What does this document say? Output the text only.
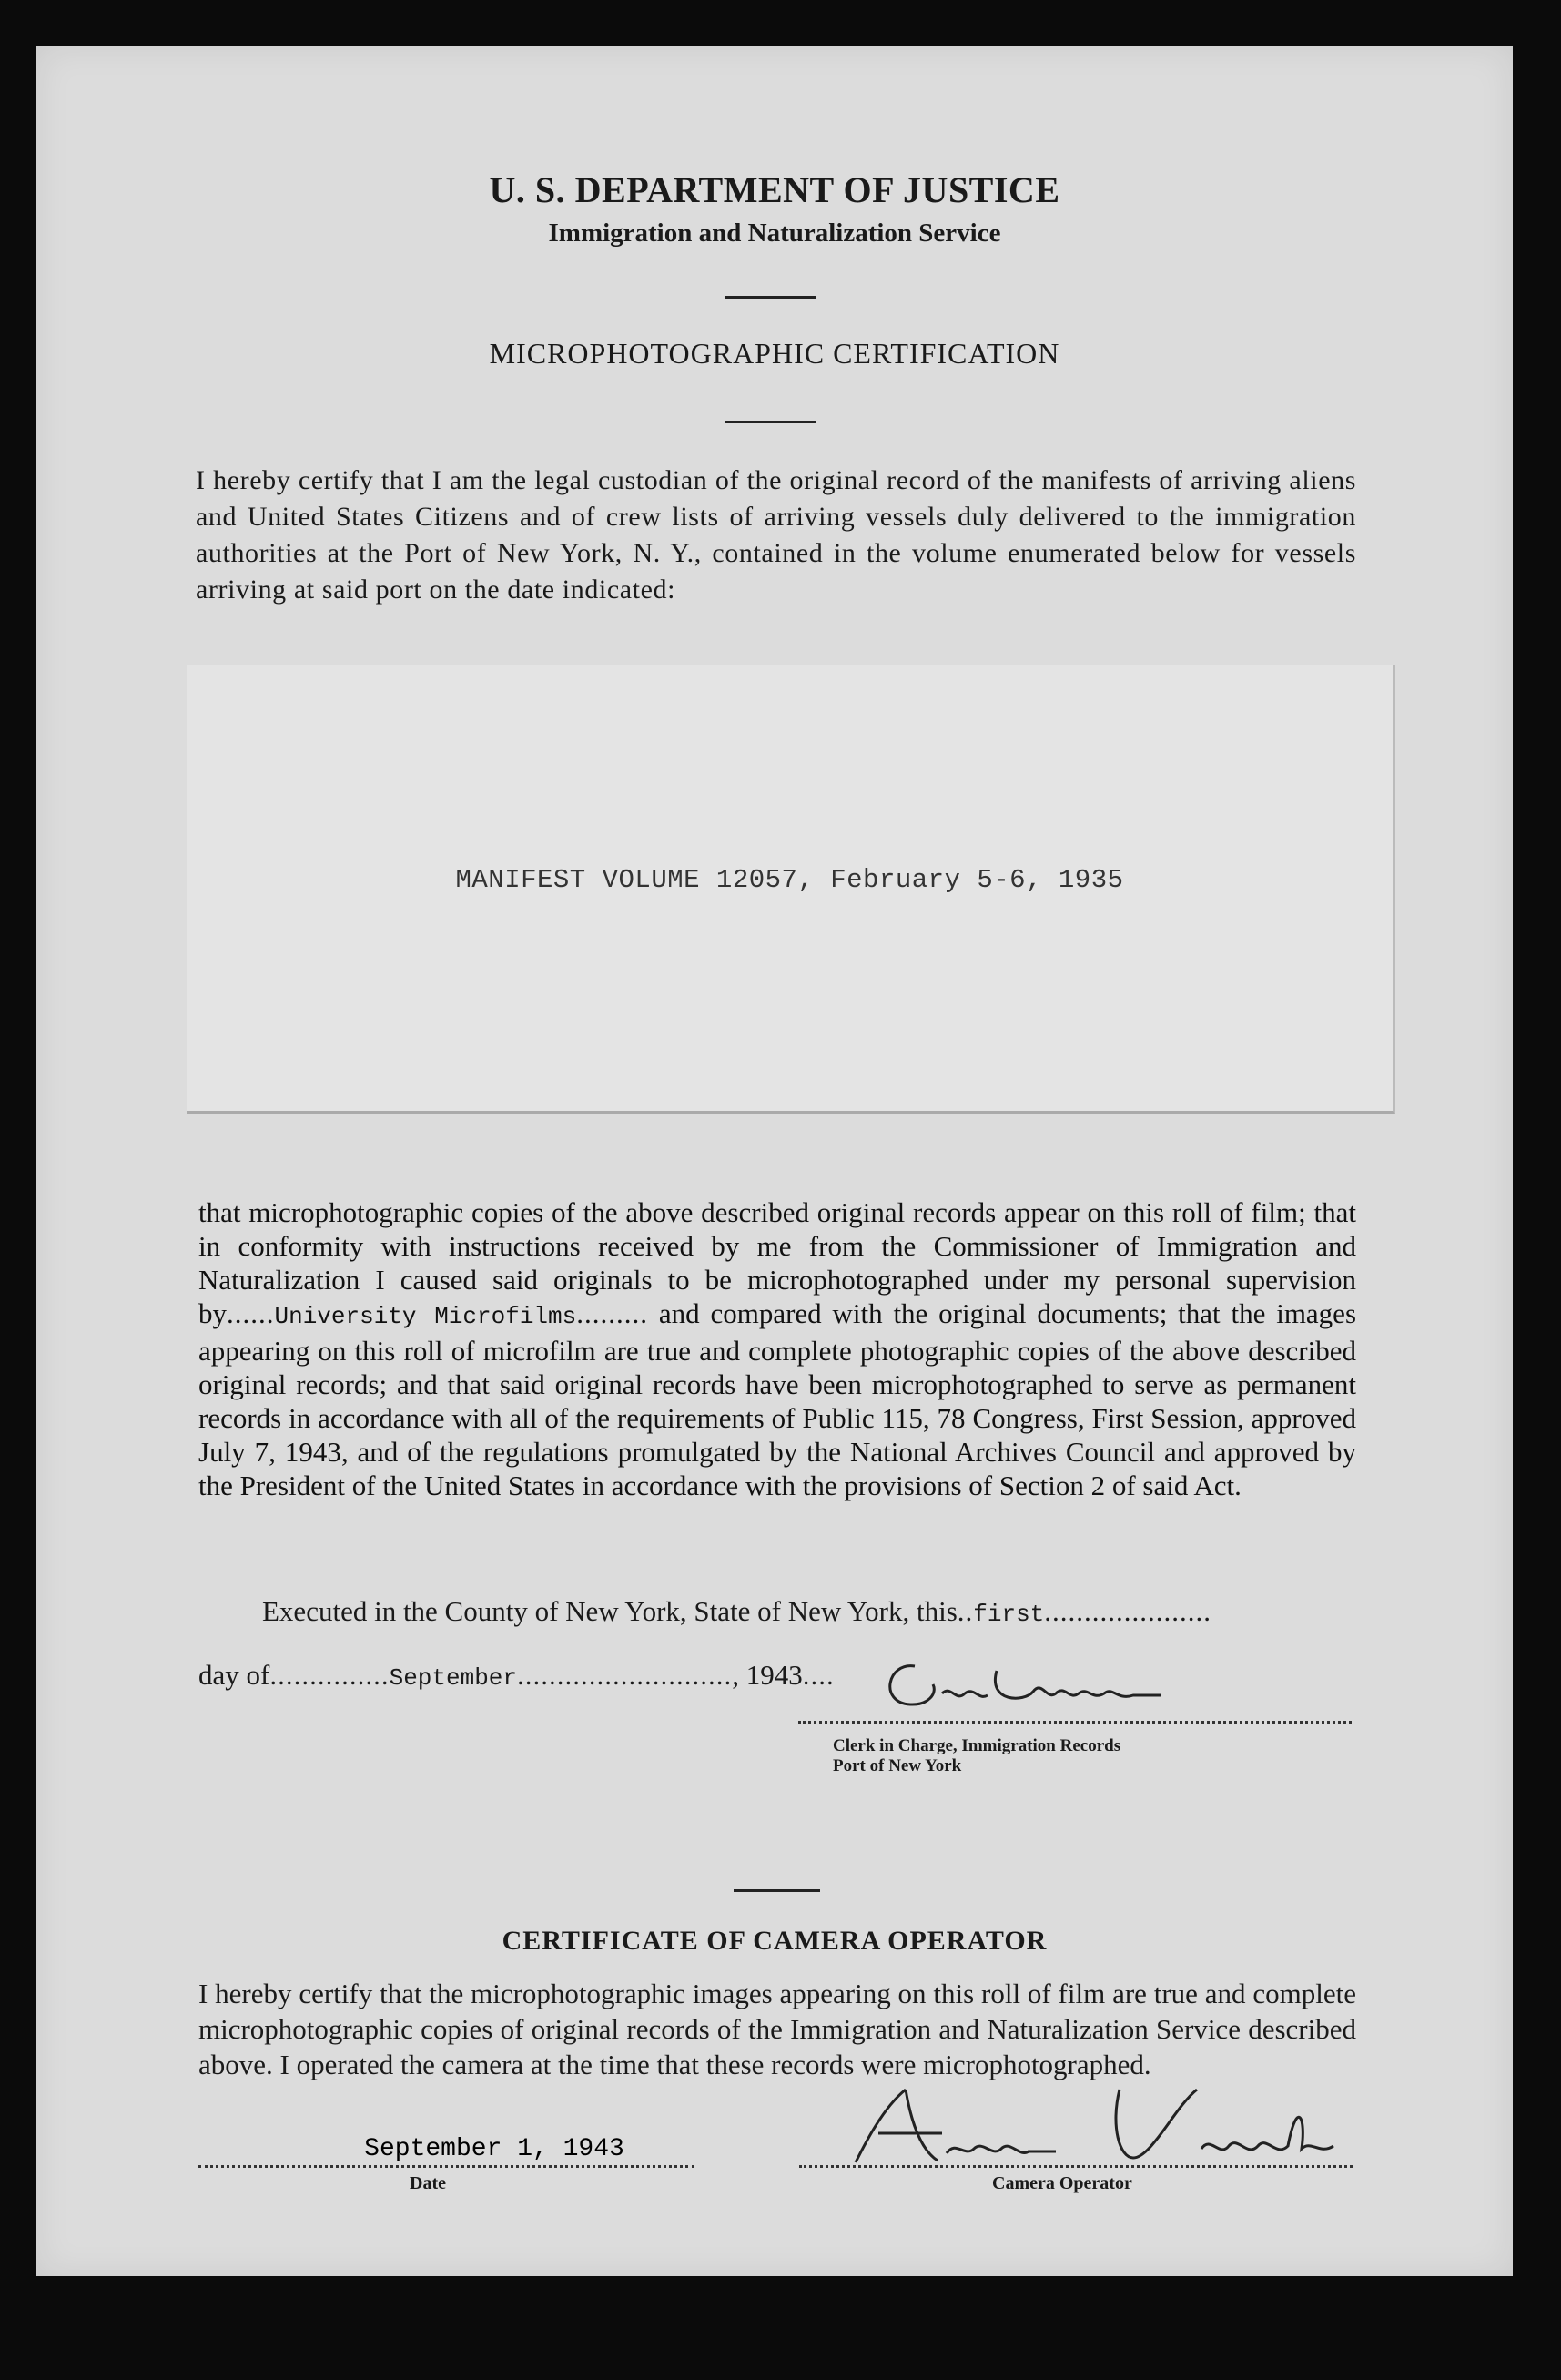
U. S. DEPARTMENT OF JUSTICE
Immigration and Naturalization Service
MICROPHOTOGRAPHIC CERTIFICATION
I hereby certify that I am the legal custodian of the original record of the manifests of arriving aliens and United States Citizens and of crew lists of arriving vessels duly delivered to the immigration authorities at the Port of New York, N. Y., contained in the volume enumerated below for vessels arriving at said port on the date indicated:
MANIFEST VOLUME 12057, February 5-6, 1935
that microphotographic copies of the above described original records appear on this roll of film; that in conformity with instructions received by me from the Commissioner of Immigration and Naturalization I caused said originals to be microphotographed under my personal supervision by......University Microfilms......... and compared with the original documents; that the images appearing on this roll of microfilm are true and complete photographic copies of the above described original records; and that said original records have been microphotographed to serve as permanent records in accordance with all of the requirements of Public 115, 78 Congress, First Session, approved July 7, 1943, and of the regulations promulgated by the National Archives Council and approved by the President of the United States in accordance with the provisions of Section 2 of said Act.
Executed in the County of New York, State of New York, this..first.....................
day of...............September..........................., 1943....
Clerk in Charge, Immigration Records
Port of New York
CERTIFICATE OF CAMERA OPERATOR
I hereby certify that the microphotographic images appearing on this roll of film are true and complete microphotographic copies of original records of the Immigration and Naturalization Service described above. I operated the camera at the time that these records were microphotographed.
September 1, 1943
Date	Camera Operator
